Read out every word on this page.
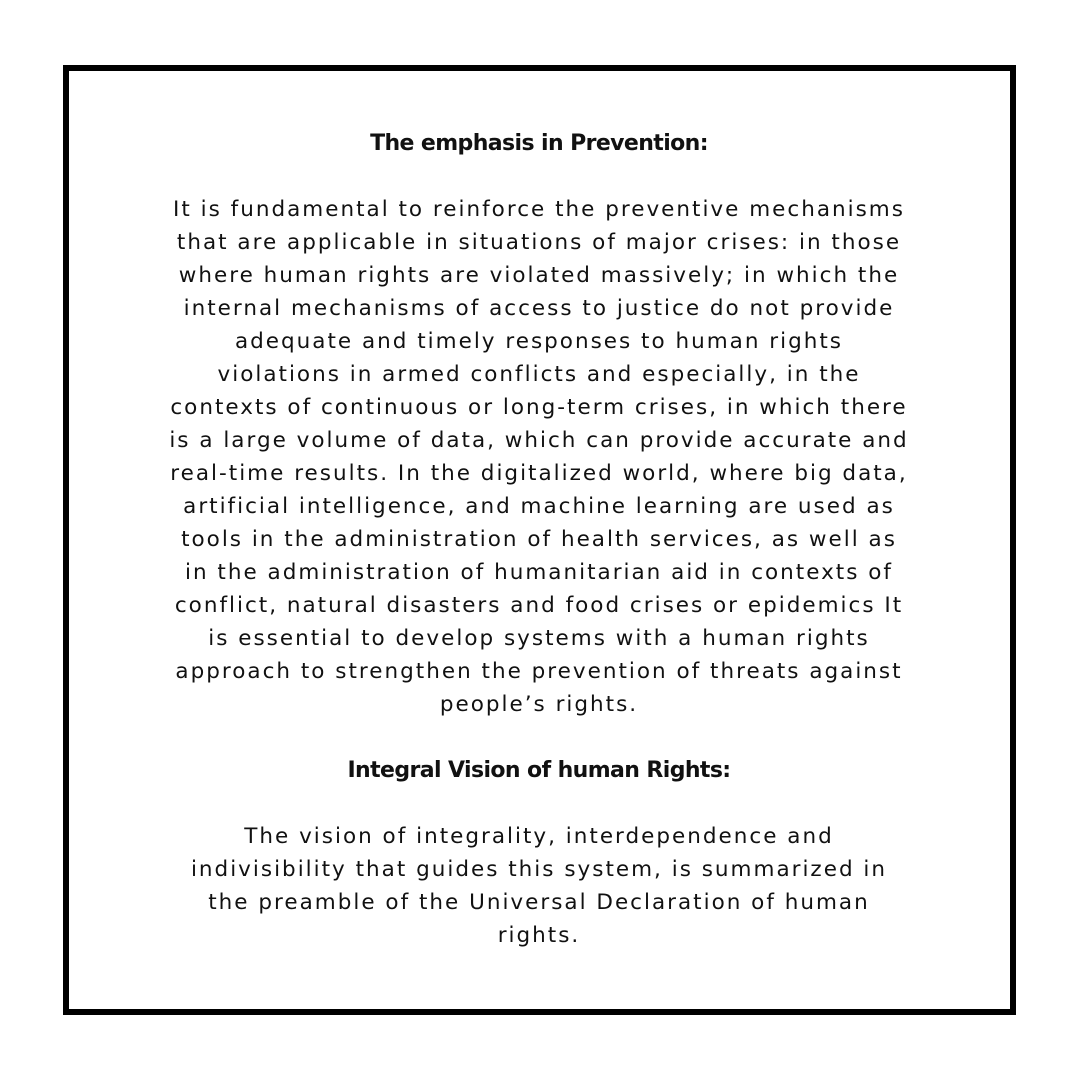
The emphasis in Prevention:

It is fundamental to reinforce the preventive mechanisms
that are applicable in situations of major crises: in those
where human rights are violated massively; in which the
internal mechanisms of access to justice do not provide
adequate and timely responses to human rights
violations in armed conflicts and especially, in the
contexts of continuous or long-term crises, in which there
is a large volume of data, which can provide accurate and
real-time results. In the digitalized world, where big data,
artificial intelligence, and machine learning are used as
tools in the administration of health services, as well as
in the administration of humanitarian aid in contexts of
conflict, natural disasters and food crises or epidemics It
is essential to develop systems with a human rights
approach to strengthen the prevention of threats against
people’s rights.

Integral Vision of human Rights:

The vision of integrality, interdependence and
indivisibility that guides this system, is summarized in
the preamble of the Universal Declaration of human
rights.
